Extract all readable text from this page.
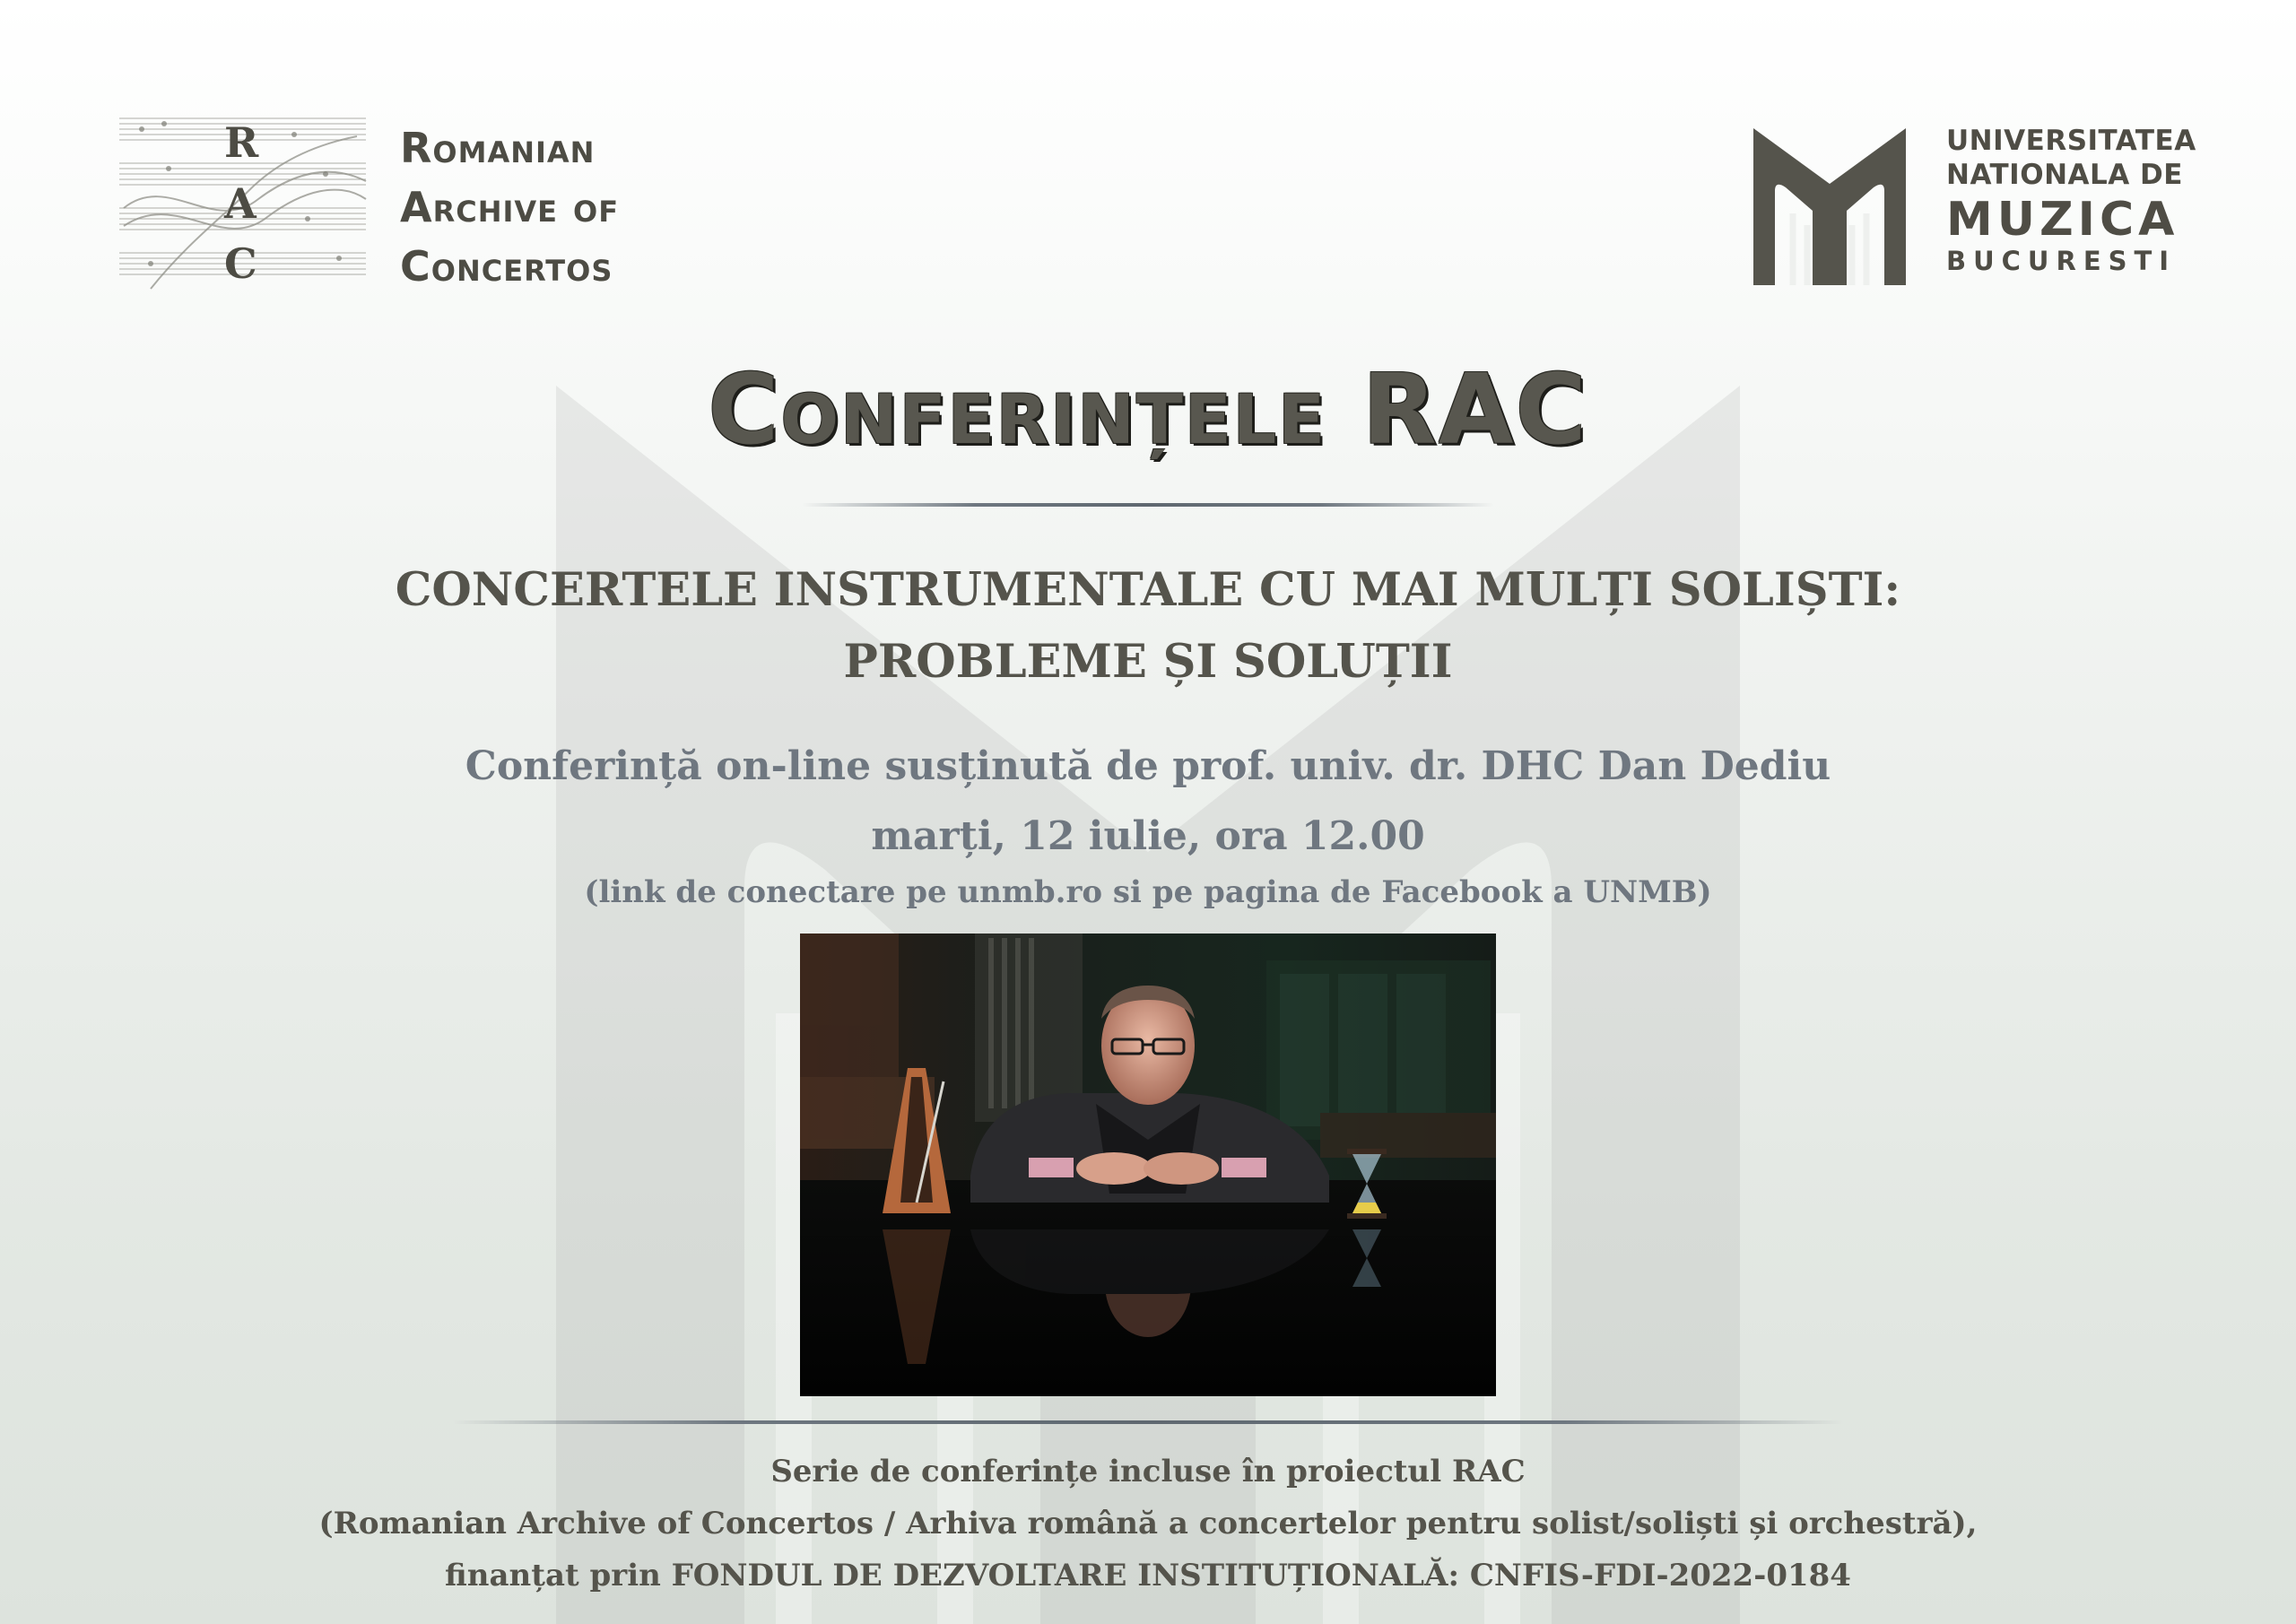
R
A
C
Romanian
Archive of
Concertos
UNIVERSITATEA
NATIONALA DE
MUZICA
BUCURESTI
Conferințele RAC
CONCERTELE INSTRUMENTALE CU MAI MULȚI SOLIȘTI:
PROBLEME ȘI SOLUȚII
Conferință on-line susținută de prof. univ. dr. DHC Dan Dediu
marți, 12 iulie, ora 12.00
(link de conectare pe unmb.ro si pe pagina de Facebook a UNMB)
Serie de conferințe incluse în proiectul RAC
(Romanian Archive of Concertos / Arhiva română a concertelor pentru solist/soliști și orchestră),
finanțat prin FONDUL DE DEZVOLTARE INSTITUȚIONALĂ: CNFIS-FDI-2022-0184
